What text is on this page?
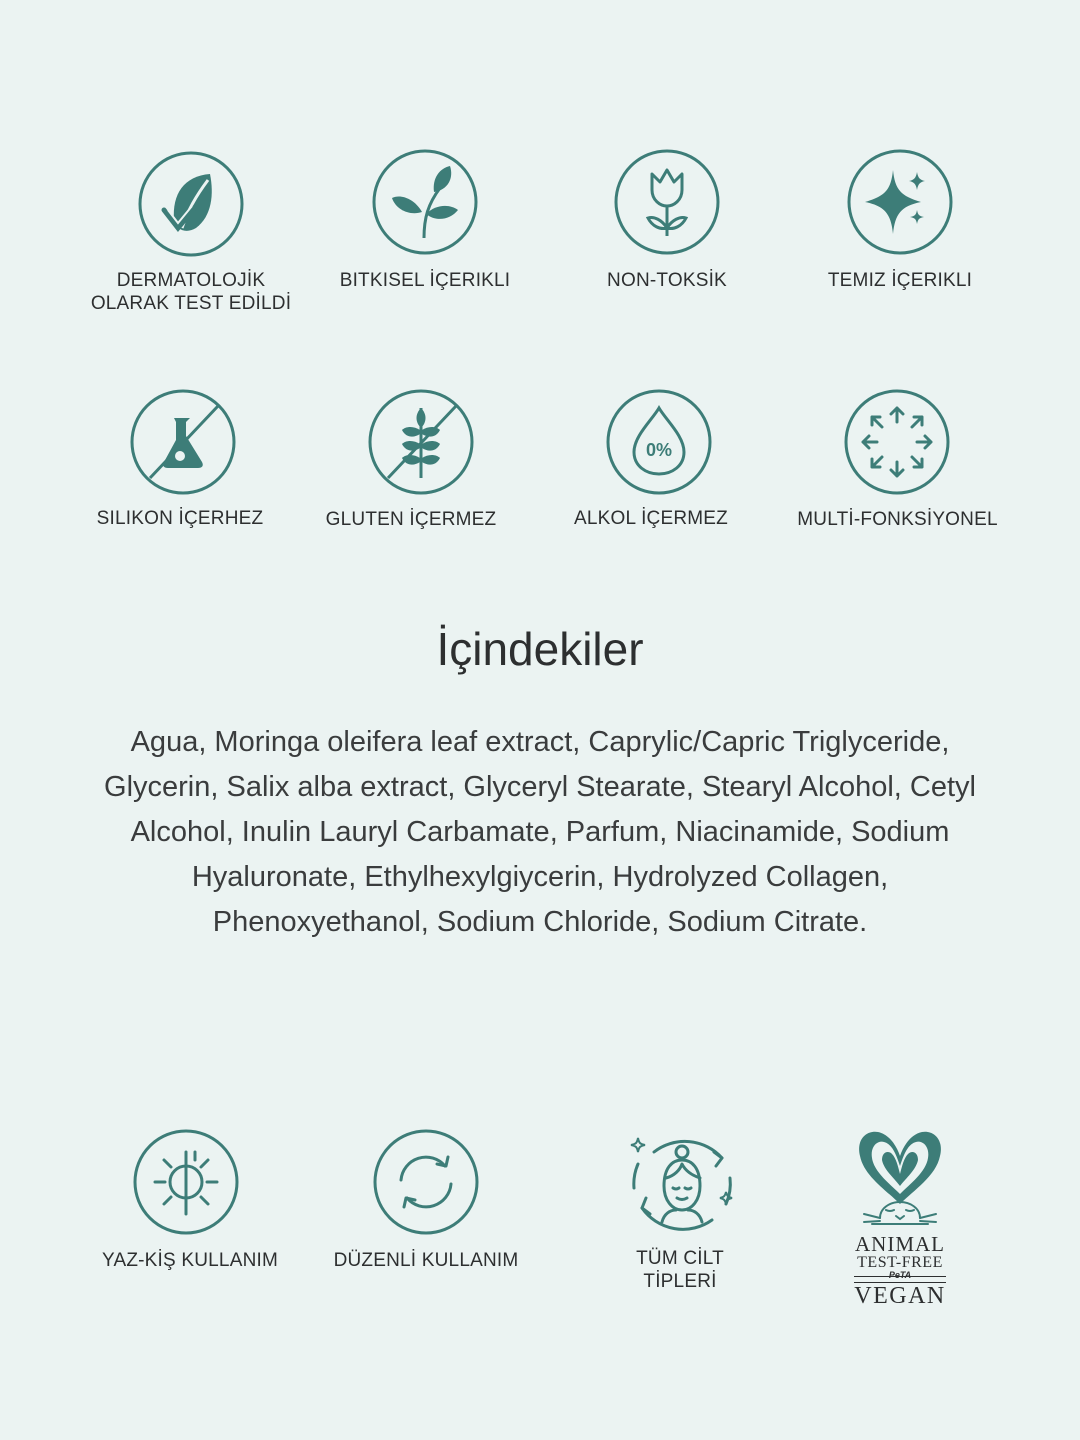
DERMATOLOJİK
OLARAK TEST EDİLDİ
BITKISEL İÇERIKLI	NON-TOKSİK	TEMIZ İÇERIKLI
SILIKON İÇERHEZ	GLUTEN İÇERMEZ
0%
ALKOL İÇERMEZ	MULTİ-FONKSİYONEL
İçindekiler

Agua, Moringa oleifera leaf extract, Caprylic/Capric Triglyceride, Glycerin, Salix alba extract, Glyceryl Stearate, Stearyl Alcohol, Cetyl Alcohol, Inulin Lauryl Carbamate, Parfum, Niacinamide, Sodium Hyaluronate, Ethylhexylgiycerin, Hydrolyzed Collagen, Phenoxyethanol, Sodium Chloride, Sodium Citrate.

YAZ-KİŞ KULLANIM	DÜZENLİ KULLANIM	TÜM CİLT
TİPLERİ
ANIMAL
TEST-FREE
PeTA
VEGAN
